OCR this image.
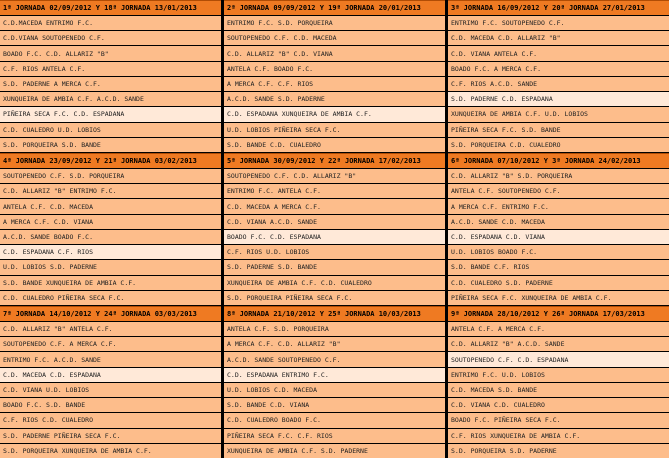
1ª JORNADA 02/09/2012 Y 18ª JORNADA 13/01/2013
C.D.MACEDA ENTRIMO F.C.
C.D.VIANA SOUTOPENEDO C.F.
BOADO F.C. C.D. ALLARIZ "B"
C.F. RIOS ANTELA C.F.
S.D. PADERNE A MERCA C.F.
XUNQUEIRA DE AMBIA C.F. A.C.D. SANDE
PIÑEIRA SECA F.C. C.D. ESPADANA
C.D. CUALEDRO U.D. LOBIOS
S.D. PORQUEIRA S.D. BANDE
2ª JORNADA 09/09/2012 Y 19ª JORNADA 20/01/2013
ENTRIMO F.C. S.D. PORQUEIRA
SOUTOPENEDO C.F. C.D. MACEDA
C.D. ALLARIZ "B" C.D. VIANA
ANTELA C.F. BOADO F.C.
A MERCA C.F. C.F. RIOS
A.C.D. SANDE S.D. PADERNE
C.D. ESPADANA XUNQUEIRA DE AMBIA C.F.
U.D. LOBIOS PIÑEIRA SECA F.C.
S.D. BANDE C.D. CUALEDRO
3ª JORNADA 16/09/2012 Y 20ª JORNADA 27/01/2013
ENTRIMO F.C. SOUTOPENEDO C.F.
C.D. MACEDA C.D. ALLARIZ "B"
C.D. VIANA ANTELA C.F.
BOADO F.C. A MERCA C.F.
C.F. RIOS A.C.D. SANDE
S.D. PADERNE C.D. ESPADANA
XUNQUEIRA DE AMBIA C.F. U.D. LOBIOS
PIÑEIRA SECA F.C. S.D. BANDE
S.D. PORQUEIRA C.D. CUALEDRO
4ª JORNADA 23/09/2012 Y 21ª JORNADA 03/02/2013
SOUTOPENEDO C.F. S.D. PORQUEIRA
C.D. ALLARIZ "B" ENTRIMO F.C.
ANTELA C.F. C.D. MACEDA
A MERCA C.F. C.D. VIANA
A.C.D. SANDE BOADO F.C.
C.D. ESPADANA C.F. RIOS
U.D. LOBIOS S.D. PADERNE
S.D. BANDE XUNQUEIRA DE AMBIA C.F.
C.D. CUALEDRO PIÑEIRA SECA F.C.
5ª JORNADA 30/09/2012 Y 22ª JORNADA 17/02/2013
SOUTOPENEDO C.F. C.D. ALLARIZ "B"
ENTRIMO F.C. ANTELA C.F.
C.D. MACEDA A MERCA C.F.
C.D. VIANA A.C.D. SANDE
BOADO F.C. C.D. ESPADANA
C.F. RIOS U.D. LOBIOS
S.D. PADERNE S.D. BANDE
XUNQUEIRA DE AMBIA C.F. C.D. CUALEDRO
S.D. PORQUEIRA PIÑEIRA SECA F.C.
6ª JORNADA 07/10/2012 Y 3ª JORNADA 24/02/2013
C.D. ALLARIZ "B" S.D. PORQUEIRA
ANTELA C.F. SOUTOPENEDO C.F.
A MERCA C.F. ENTRIMO F.C.
A.C.D. SANDE C.D. MACEDA
C.D. ESPADANA C.D. VIANA
U.D. LOBIOS BOADO F.C.
S.D. BANDE C.F. RIOS
C.D. CUALEDRO S.D. PADERNE
PIÑEIRA SECA F.C. XUNQUEIRA DE AMBIA C.F.
7ª JORNADA 14/10/2012 Y 24ª JORNADA 03/03/2013
C.D. ALLARIZ "B" ANTELA C.F.
SOUTOPENEDO C.F. A MERCA C.F.
ENTRIMO F.C. A.C.D. SANDE
C.D. MACEDA C.D. ESPADANA
C.D. VIANA U.D. LOBIOS
BOADO F.C. S.D. BANDE
C.F. RIOS C.D. CUALEDRO
S.D. PADERNE PIÑEIRA SECA F.C.
S.D. PORQUEIRA XUNQUEIRA DE AMBIA C.F.
8ª JORNADA 21/10/2012 Y 25ª JORNADA 10/03/2013
ANTELA C.F. S.D. PORQUEIRA
A MERCA C.F. C.D. ALLARIZ "B"
A.C.D. SANDE SOUTOPENEDO C.F.
C.D. ESPADANA ENTRIMO F.C.
U.D. LOBIOS C.D. MACEDA
S.D. BANDE C.D. VIANA
C.D. CUALEDRO BOADO F.C.
PIÑEIRA SECA F.C. C.F. RIOS
XUNQUEIRA DE AMBIA C.F. S.D. PADERNE
9ª JORNADA 28/10/2012 Y 26ª JORNADA 17/03/2013
ANTELA C.F. A MERCA C.F.
C.D. ALLARIZ "B" A.C.D. SANDE
SOUTOPENEDO C.F. C.D. ESPADANA
ENTRIMO F.C. U.D. LOBIOS
C.D. MACEDA S.D. BANDE
C.D. VIANA C.D. CUALEDRO
BOADO F.C. PIÑEIRA SECA F.C.
C.F. RIOS XUNQUEIRA DE AMBIA C.F.
S.D. PORQUEIRA S.D. PADERNE
